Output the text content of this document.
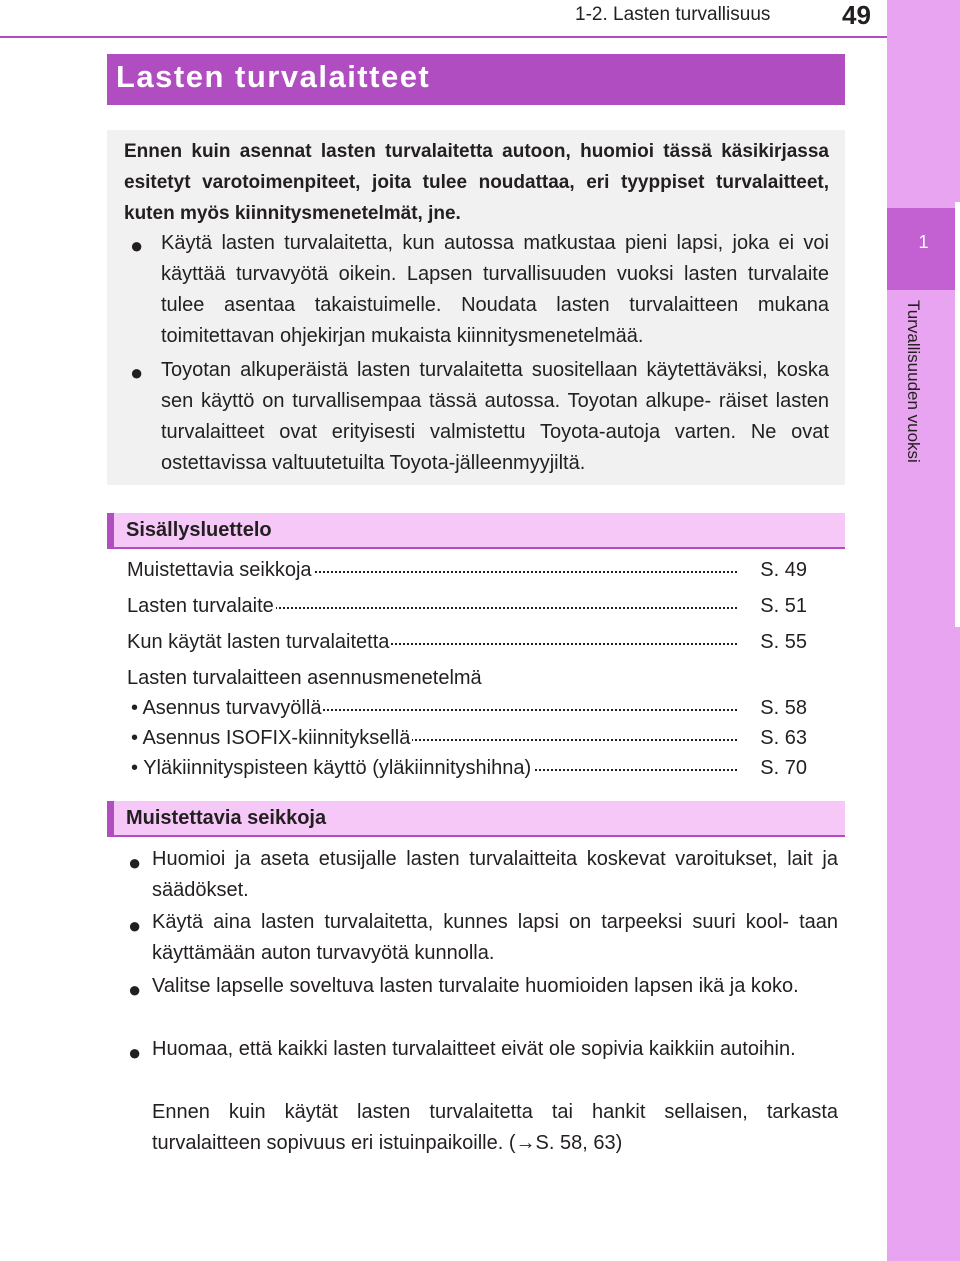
1-2. Lasten turvallisuus	49
1
Turvallisuuden vuoksi
Lasten turvalaitteet
Ennen kuin asennat lasten turvalaitetta autoon, huomioi tässä käsikirjassa esitetyt varotoimenpiteet, joita tulee noudattaa, eri tyyppiset turvalaitteet, kuten myös kiinnitysmenetelmät, jne.
● Käytä lasten turvalaitetta, kun autossa matkustaa pieni lapsi, joka ei voi käyttää turvavyötä oikein. Lapsen turvallisuuden vuoksi lasten turvalaite tulee asentaa takaistuimelle. Noudata lasten turvalaitteen mukana toimitettavan ohjekirjan mukaista kiinnitysmenetelmää.
● Toyotan alkuperäistä lasten turvalaitetta suositellaan käytettäväksi, koska sen käyttö on turvallisempaa tässä autossa. Toyotan alkupe- räiset lasten turvalaitteet ovat erityisesti valmistettu Toyota-autoja varten. Ne ovat ostettavissa valtuutetuilta Toyota-jälleenmyyjiltä.
Sisällysluettelo
Muistettavia seikkoja	S. 49
Lasten turvalaite	S. 51
Kun käytät lasten turvalaitetta	S. 55
Lasten turvalaitteen asennusmenetelmä
• Asennus turvavyöllä	S. 58
• Asennus ISOFIX-kiinnityksellä	S. 63
• Yläkiinnityspisteen käyttö (yläkiinnityshihna)	S. 70
Muistettavia seikkoja
● Huomioi ja aseta etusijalle lasten turvalaitteita koskevat varoitukset, lait ja säädökset.
● Käytä aina lasten turvalaitetta, kunnes lapsi on tarpeeksi suuri kool- taan käyttämään auton turvavyötä kunnolla.
● Valitse lapselle soveltuva lasten turvalaite huomioiden lapsen ikä ja koko.
● Huomaa, että kaikki lasten turvalaitteet eivät ole sopivia kaikkiin autoihin.
Ennen kuin käytät lasten turvalaitetta tai hankit sellaisen, tarkasta turvalaitteen sopivuus eri istuinpaikoille. (→S. 58, 63)
